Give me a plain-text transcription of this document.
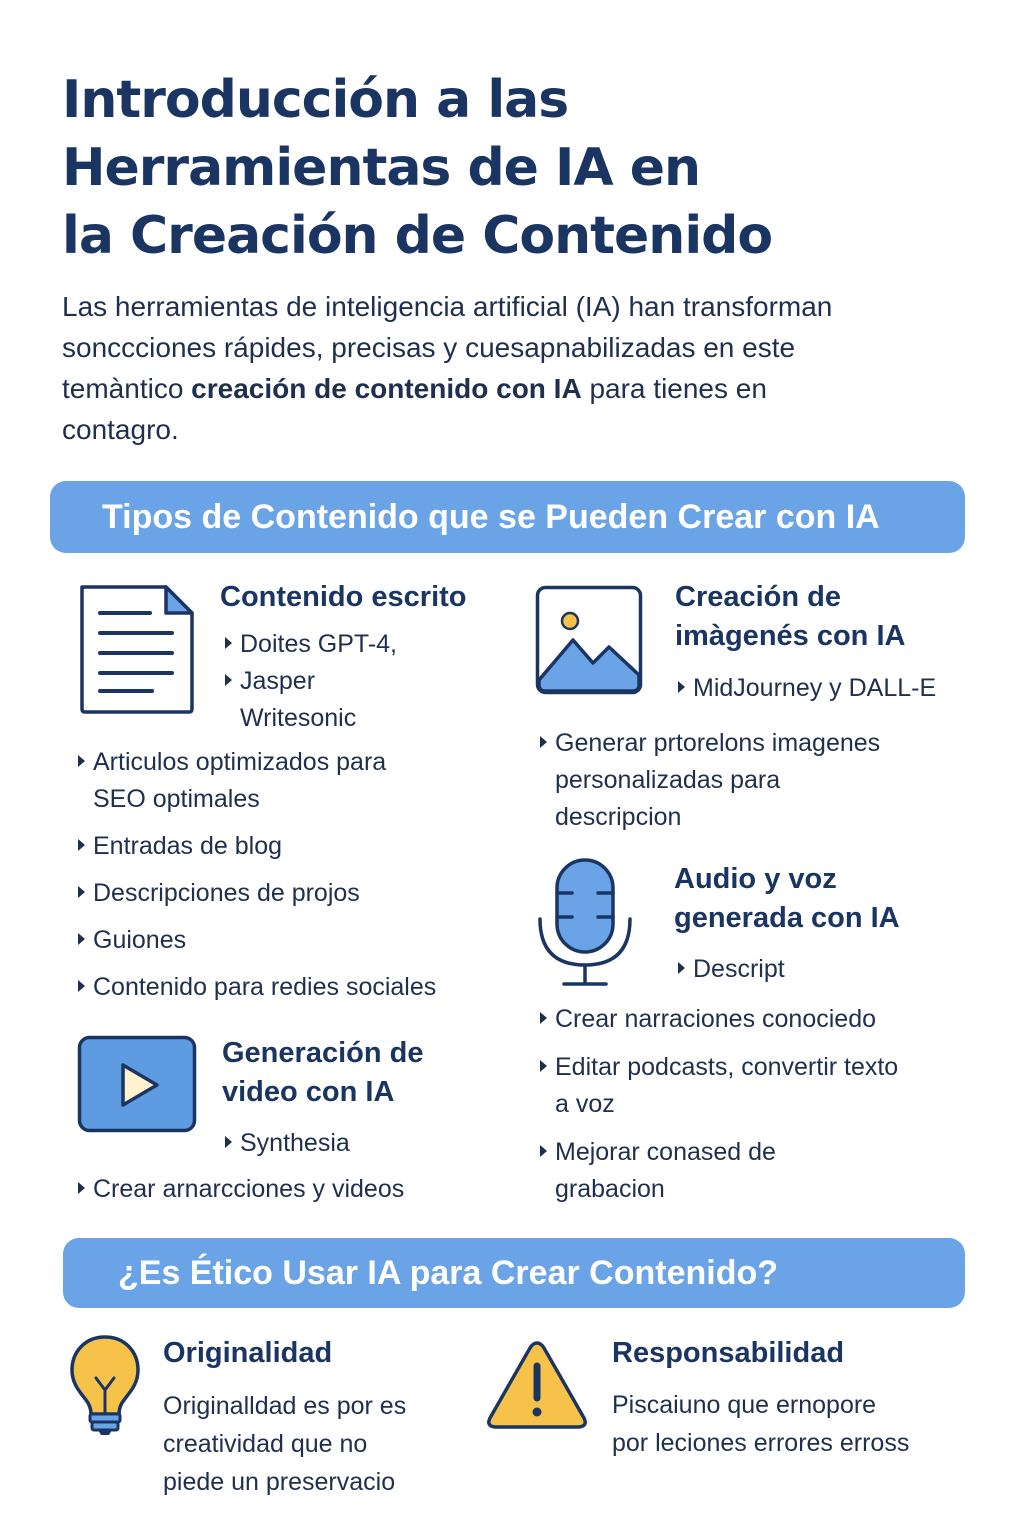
Introducción a las
Herramientas de IA en
la Creación de Contenido
Las herramientas de inteligencia artificial (IA) han transforman
sonccciones rápides, precisas y cuesapnabilizadas en este
temàntico creación de contenido con IA para tienes en
contagro.
Tipos de Contenido que se Pueden Crear con IA
Contenido escrito
Doites GPT-4,
Jasper
Writesonic
Articulos optimizados para
SEO optimales
Entradas de blog
Descripciones de projos
Guiones
Contenido para redies sociales
Creación de
imàgenés con IA
MidJourney y DALL-E
Generar prtorelons imagenes
personalizadas para
descripcion
Audio y voz
generada con IA
Descript
Crear narraciones conociedo
Editar podcasts, convertir texto
a voz
Mejorar conased de
grabacion
Generación de
video con IA
Synthesia
Crear arnarcciones y videos
¿Es Ético Usar IA para Crear Contenido?
Originalidad
Originalldad es por es
creatividad que no
piede un preservacio
Responsabilidad
Piscaiuno que ernopore
por leciones errores erross
